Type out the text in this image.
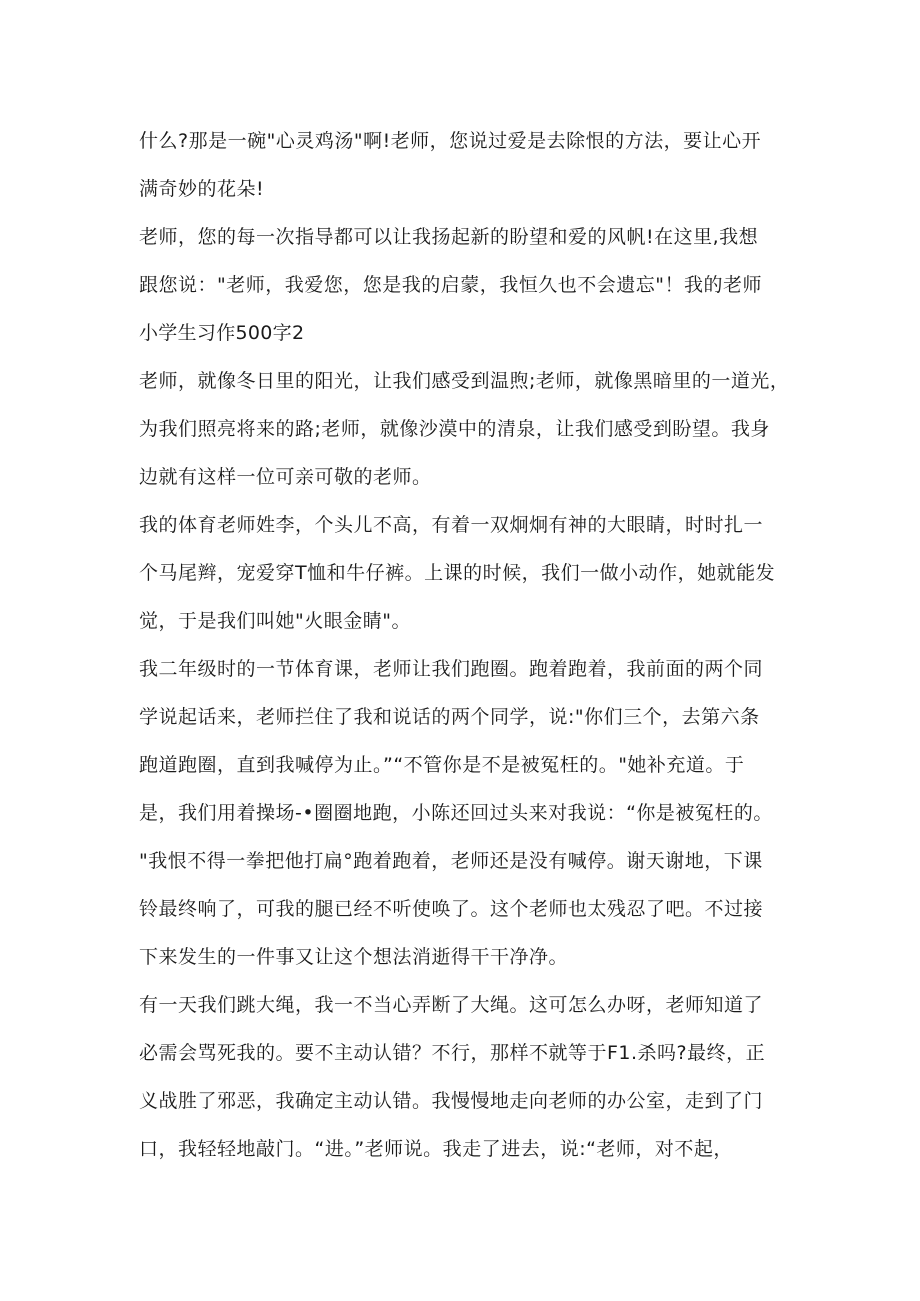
什么?那是一碗"心灵鸡汤"啊!老师，您说过爱是去除恨的方法，要让心开
满奇妙的花朵!
老师，您的每一次指导都可以让我扬起新的盼望和爱的风帆!在这里,我想
跟您说："老师，我爱您，您是我的启蒙，我恒久也不会遗忘"！我的老师
小学生习作500字2
老师，就像冬日里的阳光，让我们感受到温煦;老师，就像黑暗里的一道光，
为我们照亮将来的路;老师，就像沙漠中的清泉，让我们感受到盼望。我身
边就有这样一位可亲可敬的老师。
我的体育老师姓李，个头儿不高，有着一双炯炯有神的大眼睛，时时扎一
个马尾辫，宠爱穿T恤和牛仔裤。上课的时候，我们一做小动作，她就能发
觉，于是我们叫她"火眼金睛"。
我二年级时的一节体育课，老师让我们跑圈。跑着跑着，我前面的两个同
学说起话来，老师拦住了我和说话的两个同学，说:"你们三个，去第六条
跑道跑圈，直到我喊停为止。”“不管你是不是被冤枉的。"她补充道。于
是，我们用着操场-•圈圈地跑，小陈还回过头来对我说：“你是被冤枉的。
"我恨不得一拳把他打扁°跑着跑着，老师还是没有喊停。谢天谢地，下课
铃最终响了，可我的腿已经不听使唤了。这个老师也太残忍了吧。不过接
下来发生的一件事又让这个想法消逝得干干净净。
有一天我们跳大绳，我一不当心弄断了大绳。这可怎么办呀，老师知道了
必需会骂死我的。要不主动认错？不行，那样不就等于F1.杀吗?最终，正
义战胜了邪恶，我确定主动认错。我慢慢地走向老师的办公室，走到了门
口，我轻轻地敲门。“进。”老师说。我走了进去，说:“老师，对不起，
